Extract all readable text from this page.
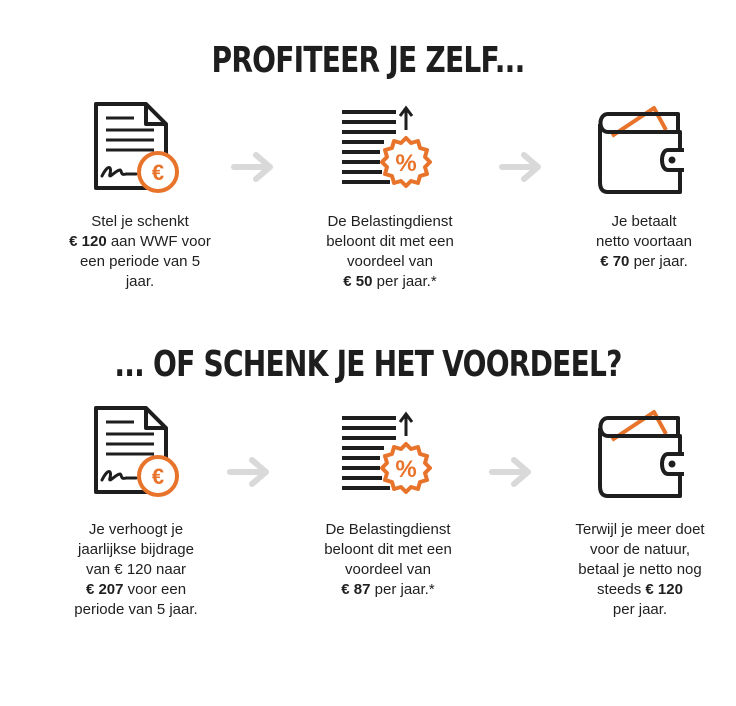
PROFITEER JE ZELF...
€	%
Stel je schenkt
€ 120 aan WWF voor
een periode van 5
jaar.
De Belastingdienst
beloont dit met een
voordeel van
€ 50 per jaar.*
Je betaalt
netto voortaan
€ 70 per jaar.
... OF SCHENK JE HET VOORDEEL?
€	%
Je verhoogt je
jaarlijkse bijdrage
van € 120 naar
€ 207 voor een
periode van 5 jaar.
De Belastingdienst
beloont dit met een
voordeel van
€ 87 per jaar.*
Terwijl je meer doet
voor de natuur,
betaal je netto nog
steeds € 120
per jaar.
